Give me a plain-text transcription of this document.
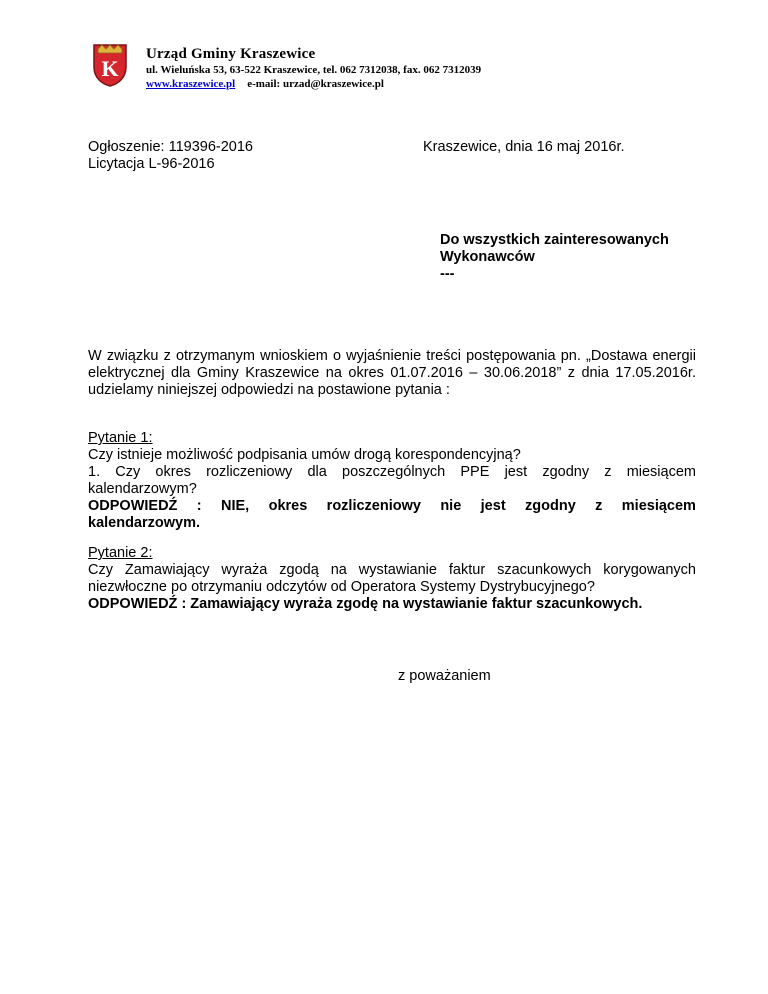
K
Urząd Gminy Kraszewice
ul. Wieluńska 53, 63-522 Kraszewice, tel. 062 7312038, fax. 062 7312039
www.kraszewice.pl e-mail: urzad@kraszewice.pl
Ogłoszenie: 119396-2016
Licytacja L-96-2016
Kraszewice, dnia 16 maj 2016r.
Do wszystkich zainteresowanych
Wykonawców
---
W związku z otrzymanym wnioskiem o wyjaśnienie treści postępowania pn. „Dostawa energii elektrycznej dla Gminy Kraszewice na okres 01.07.2016 – 30.06.2018” z dnia 17.05.2016r. udzielamy niniejszej odpowiedzi na postawione pytania :
Pytanie 1:
Czy istnieje możliwość podpisania umów drogą korespondencyjną?
1. Czy okres rozliczeniowy dla poszczególnych PPE jest zgodny z miesiącem kalendarzowym?
ODPOWIEDŹ : NIE, okres rozliczeniowy nie jest zgodny z miesiącem
kalendarzowym.
Pytanie 2:
Czy Zamawiający wyraża zgodą na wystawianie faktur szacunkowych korygowanych niezwłoczne po otrzymaniu odczytów od Operatora Systemy Dystrybucyjnego?
ODPOWIEDŹ : Zamawiający wyraża zgodę na wystawianie faktur szacunkowych.
z poważaniem
